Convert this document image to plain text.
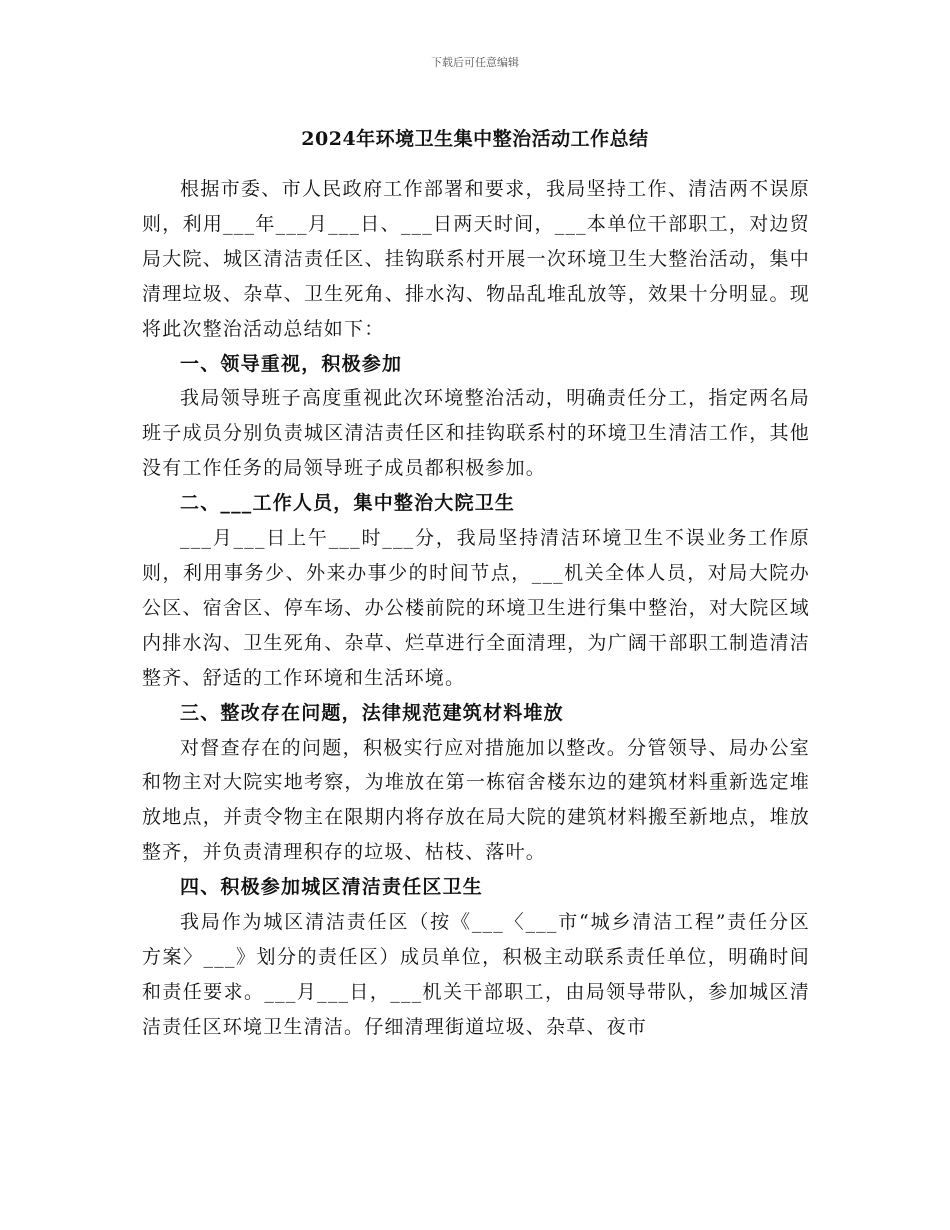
下载后可任意编辑
2024年环境卫生集中整治活动工作总结

根据市委、市人民政府工作部署和要求，我局坚持工作、清洁两不误原则，利用___年___月___日、___日两天时间，___本单位干部职工，对边贸局大院、城区清洁责任区、挂钩联系村开展一次环境卫生大整治活动，集中清理垃圾、杂草、卫生死角、排水沟、物品乱堆乱放等，效果十分明显。现将此次整治活动总结如下：

一、领导重视，积极参加

我局领导班子高度重视此次环境整治活动，明确责任分工，指定两名局班子成员分别负责城区清洁责任区和挂钩联系村的环境卫生清洁工作，其他没有工作任务的局领导班子成员都积极参加。

二、___工作人员，集中整治大院卫生

___月___日上午___时___分，我局坚持清洁环境卫生不误业务工作原则，利用事务少、外来办事少的时间节点，___机关全体人员，对局大院办公区、宿舍区、停车场、办公楼前院的环境卫生进行集中整治，对大院区域内排水沟、卫生死角、杂草、烂草进行全面清理，为广阔干部职工制造清洁整齐、舒适的工作环境和生活环境。

三、整改存在问题，法律规范建筑材料堆放

对督查存在的问题，积极实行应对措施加以整改。分管领导、局办公室和物主对大院实地考察，为堆放在第一栋宿舍楼东边的建筑材料重新选定堆放地点，并责令物主在限期内将存放在局大院的建筑材料搬至新地点，堆放整齐，并负责清理积存的垃圾、枯枝、落叶。

四、积极参加城区清洁责任区卫生

我局作为城区清洁责任区（按《___〈___市“城乡清洁工程”责任分区方案〉___》划分的责任区）成员单位，积极主动联系责任单位，明确时间和责任要求。___月___日，___机关干部职工，由局领导带队，参加城区清洁责任区环境卫生清洁。仔细清理街道垃圾、杂草、夜市
